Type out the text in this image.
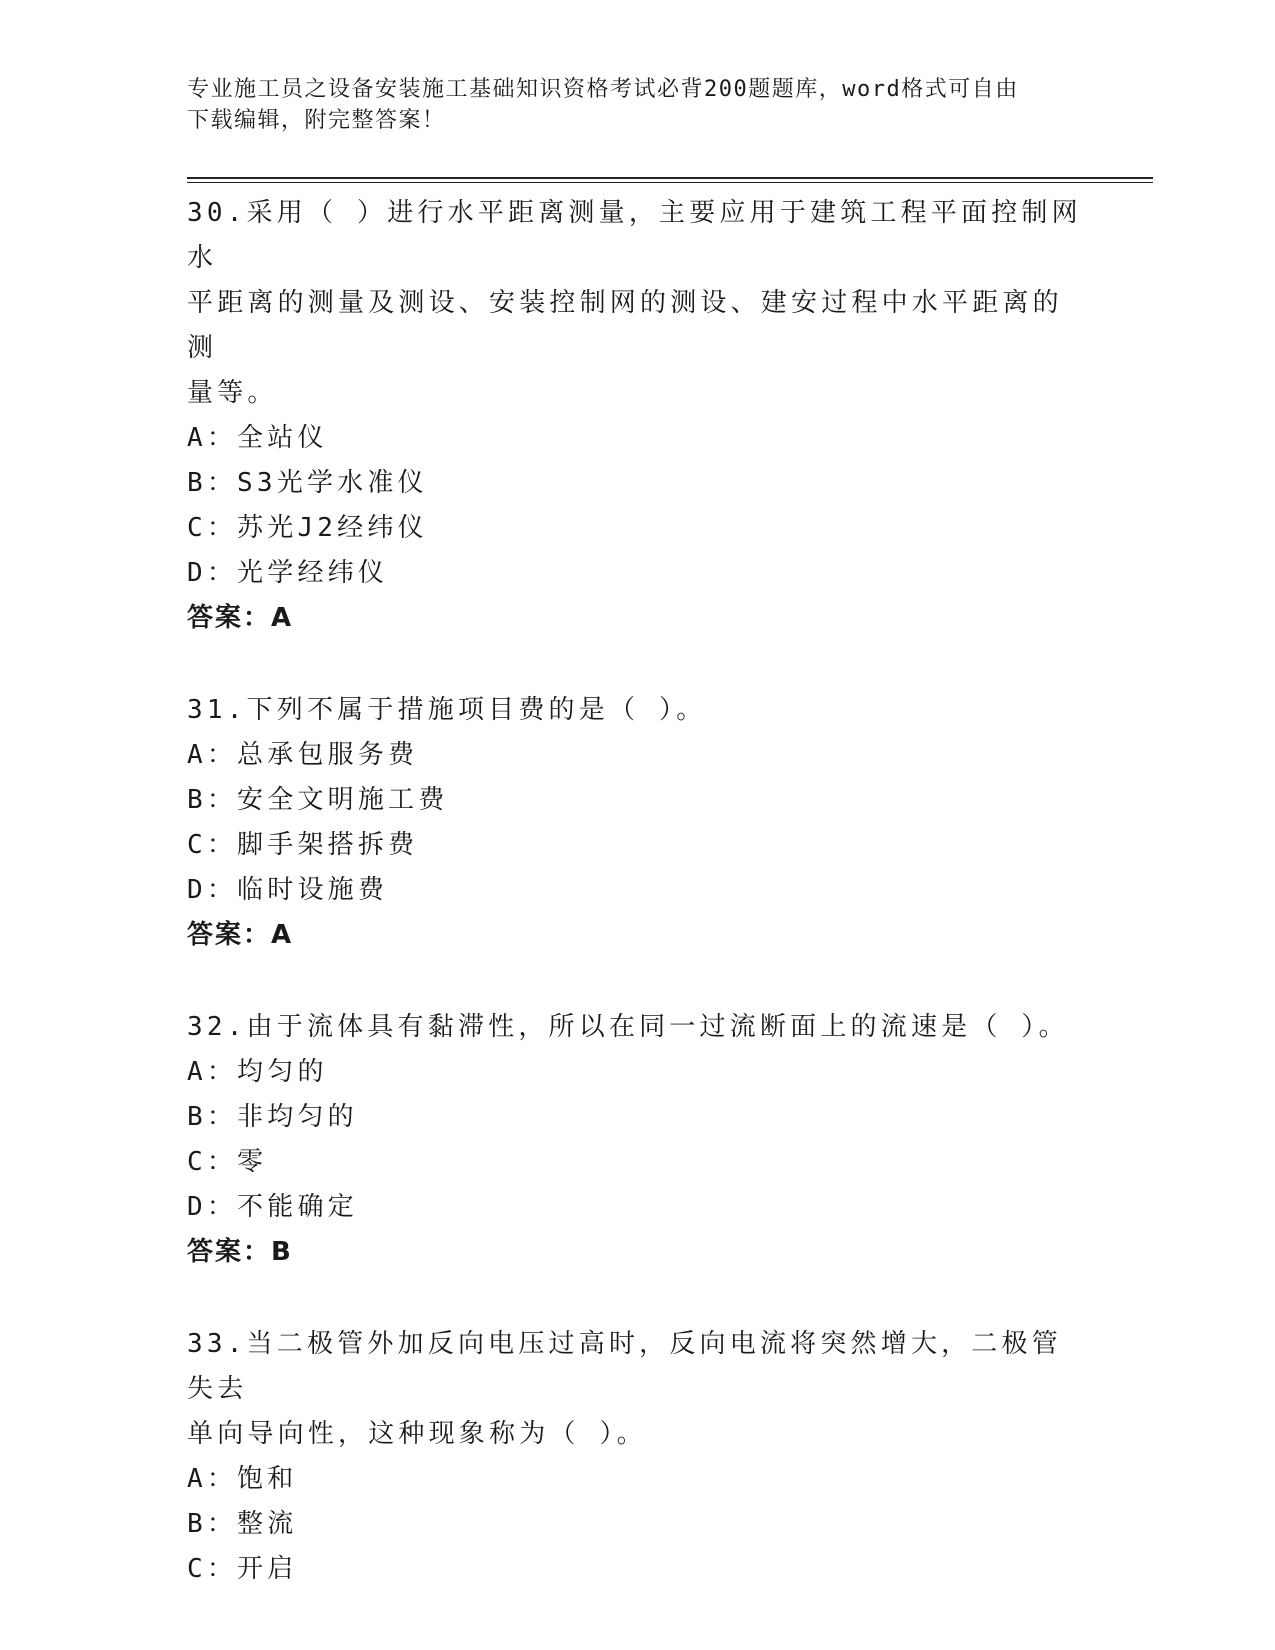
专业施工员之设备安装施工基础知识资格考试必背200题题库，word格式可自由
下载编辑，附完整答案！
30.采用（ ）进行水平距离测量，主要应用于建筑工程平面控制网水
平距离的测量及测设、安装控制网的测设、建安过程中水平距离的测
量等。
A：全站仪
B：S3光学水准仪
C：苏光J2经纬仪
D：光学经纬仪
答案：A
31.下列不属于措施项目费的是（ ）。
A：总承包服务费
B：安全文明施工费
C：脚手架搭拆费
D：临时设施费
答案：A
32.由于流体具有黏滞性，所以在同一过流断面上的流速是（ ）。
A：均匀的
B：非均匀的
C：零
D：不能确定
答案：B
33.当二极管外加反向电压过高时，反向电流将突然增大，二极管失去
单向导向性，这种现象称为（ ）。
A：饱和
B：整流
C：开启
